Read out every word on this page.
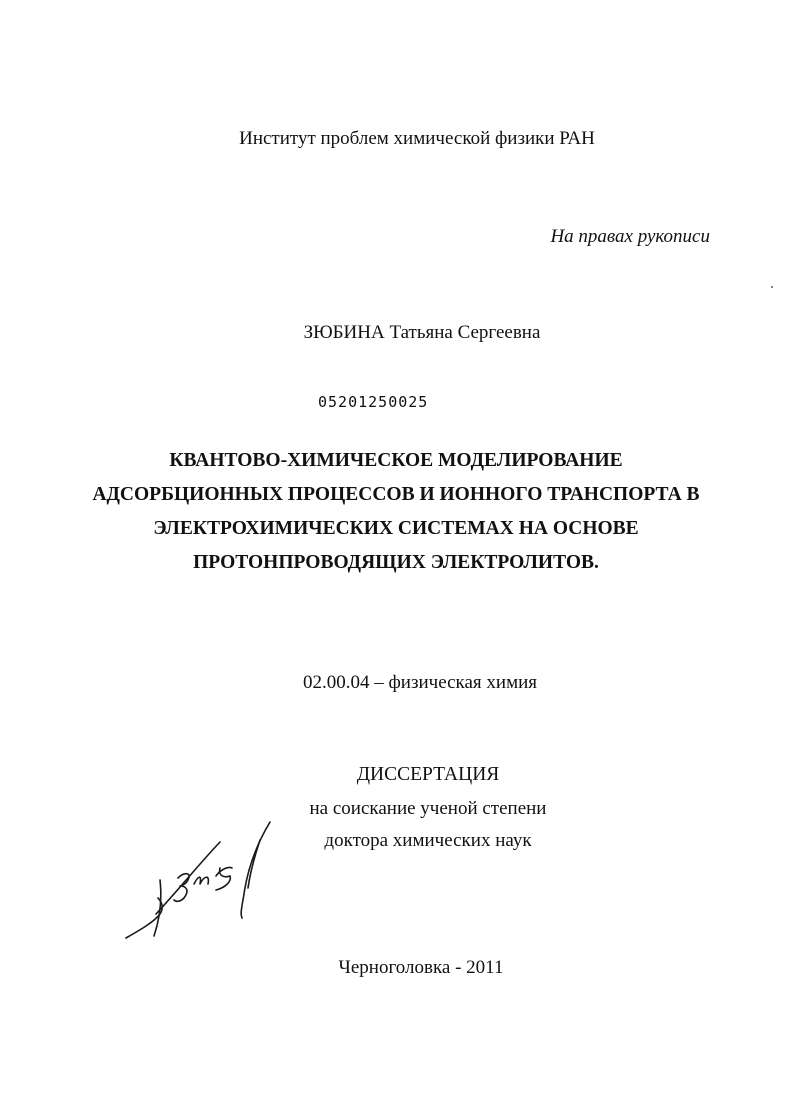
Институт проблем химической физики РАН
На правах рукописи
ЗЮБИНА Татьяна Сергеевна
05201250025
КВАНТОВО-ХИМИЧЕСКОЕ МОДЕЛИРОВАНИЕ
АДСОРБЦИОННЫХ ПРОЦЕССОВ И ИОННОГО ТРАНСПОРТА В
ЭЛЕКТРОХИМИЧЕСКИХ СИСТЕМАХ НА ОСНОВЕ
ПРОТОНПРОВОДЯЩИХ ЭЛЕКТРОЛИТОВ.
02.00.04 – физическая химия
ДИССЕРТАЦИЯ
на соискание ученой степени
доктора химических наук
Черноголовка - 2011
